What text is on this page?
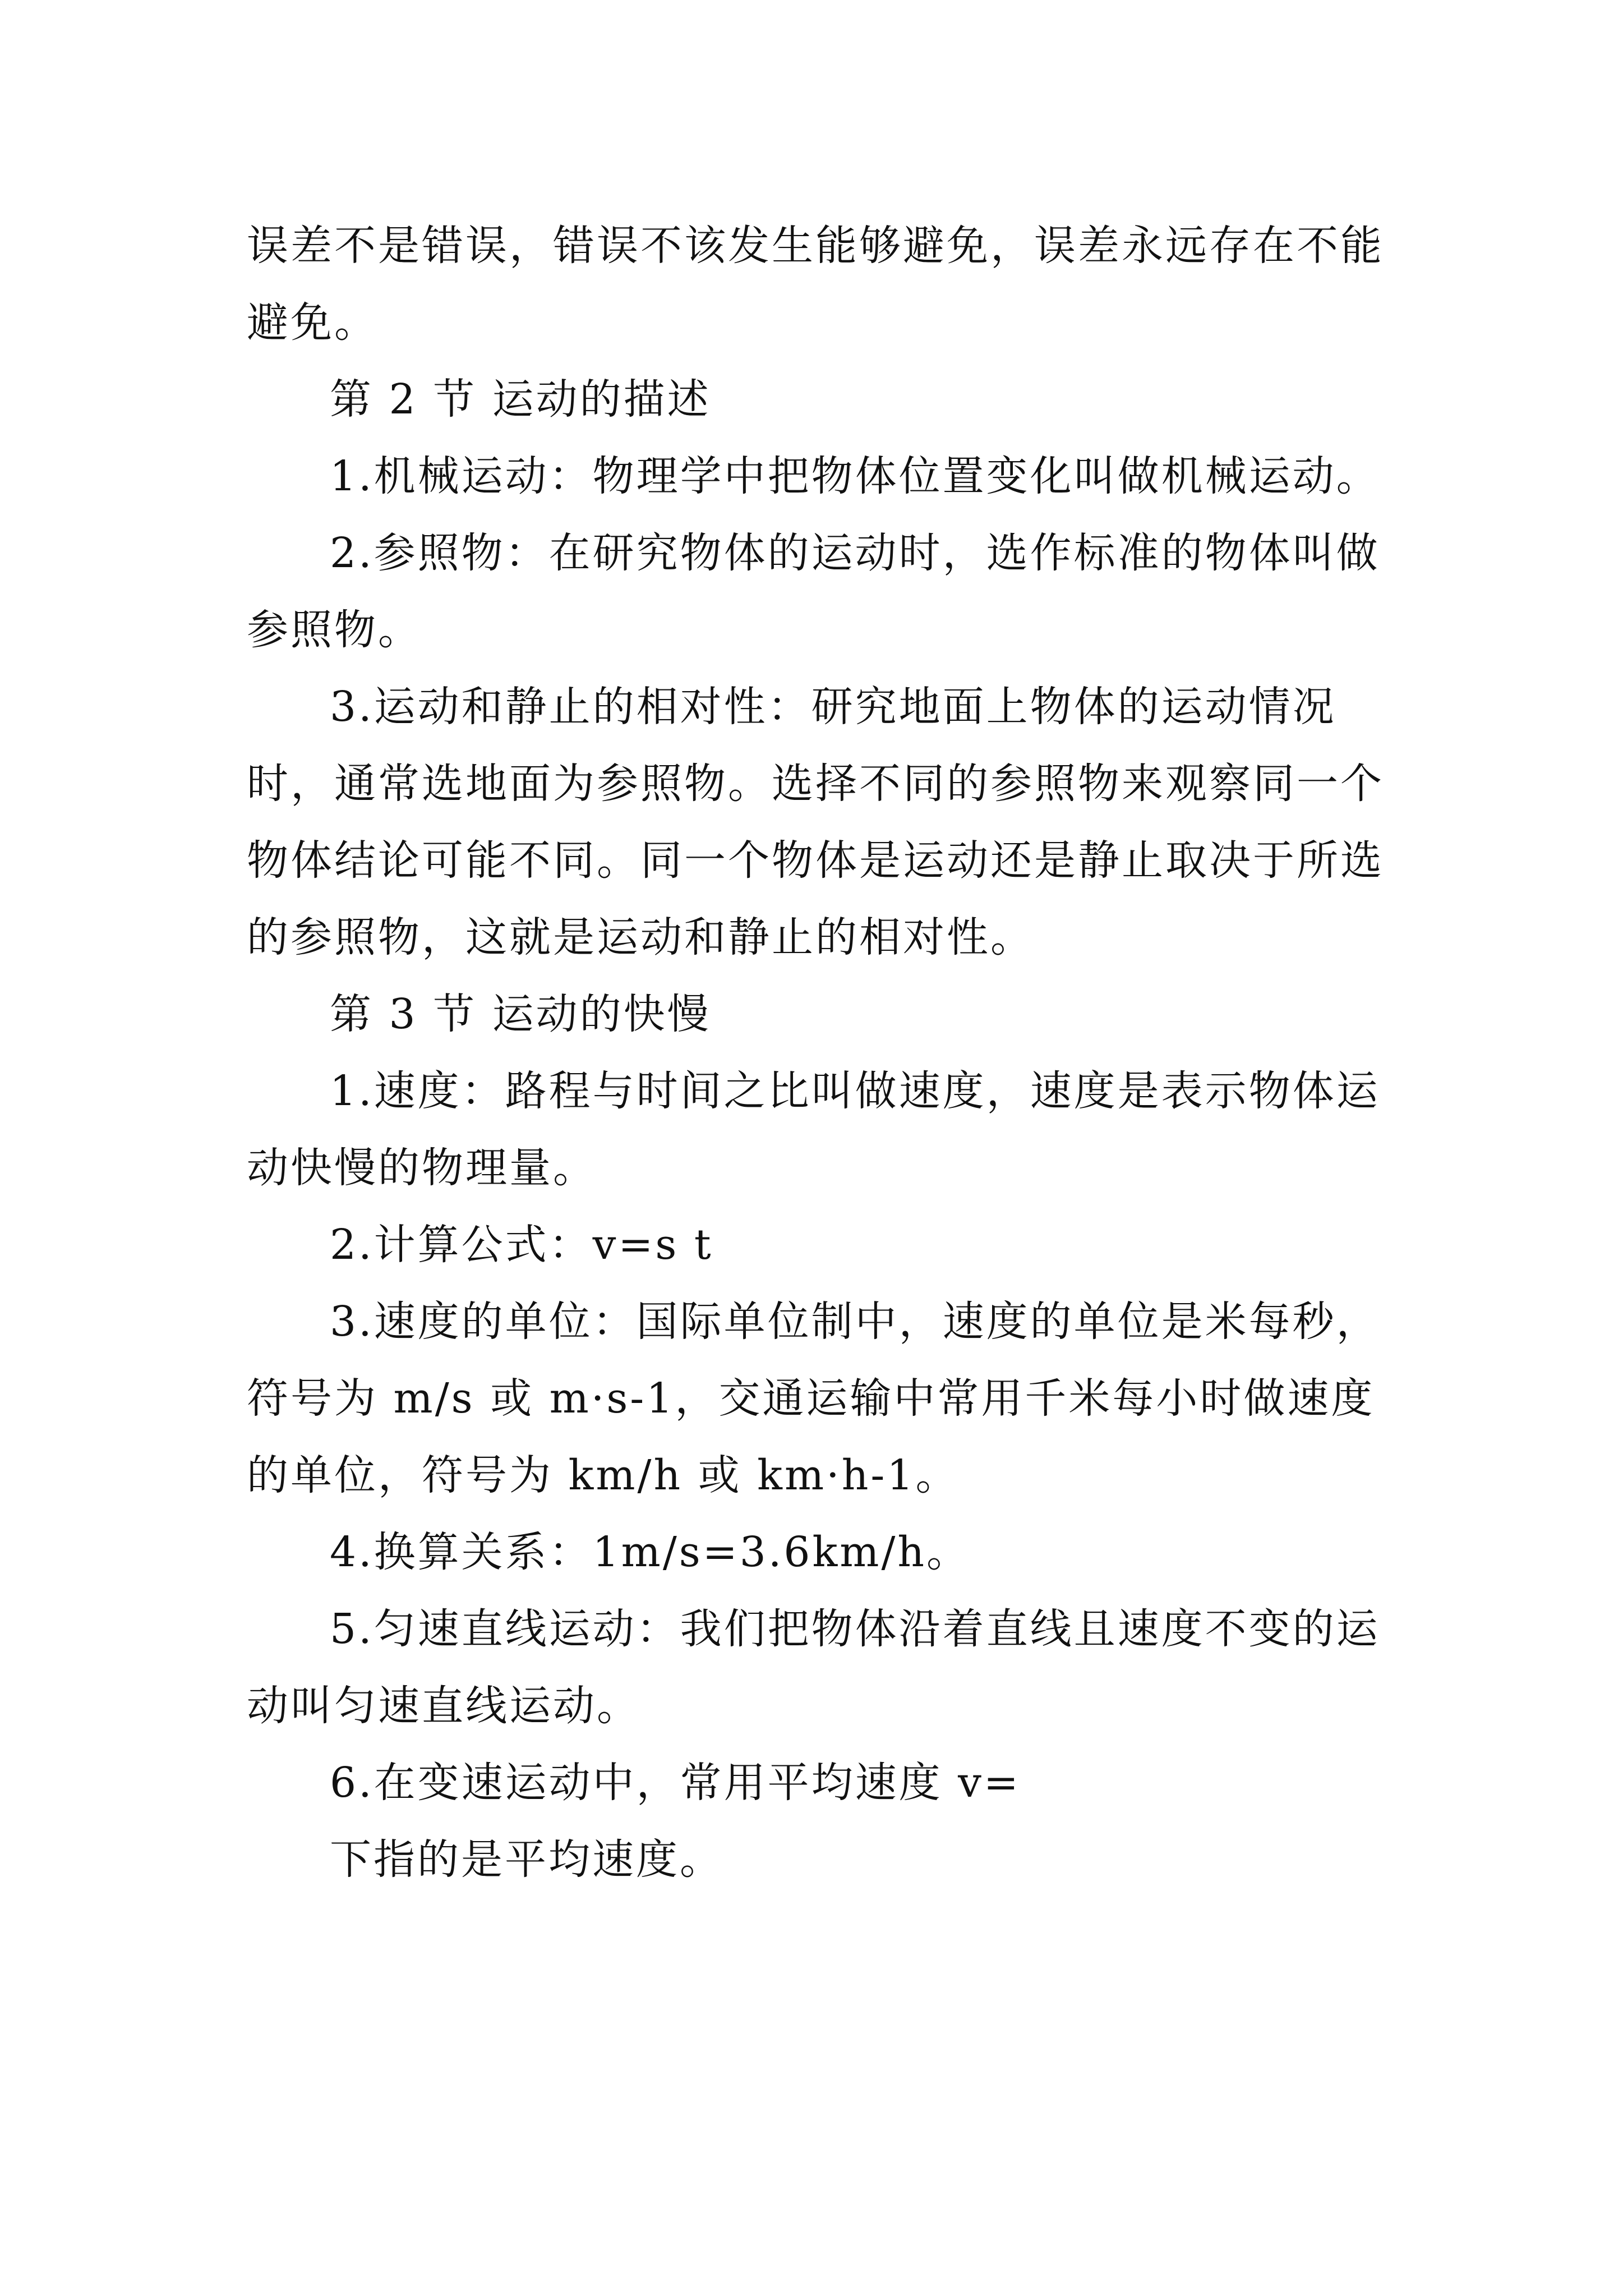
误差不是错误，错误不该发生能够避免，误差永远存在不能避免。

第 2 节 运动的描述

1.机械运动：物理学中把物体位置变化叫做机械运动。

2.参照物：在研究物体的运动时，选作标准的物体叫做参照物。

3.运动和静止的相对性：研究地面上物体的运动情况时，通常选地面为参照物。选择不同的参照物来观察同一个物体结论可能不同。同一个物体是运动还是静止取决于所选的参照物，这就是运动和静止的相对性。

第 3 节 运动的快慢

1.速度：路程与时间之比叫做速度，速度是表示物体运动快慢的物理量。

2.计算公式：v=s t

3.速度的单位：国际单位制中，速度的单位是米每秒，符号为 m/s 或 m·s-1，交通运输中常用千米每小时做速度的单位，符号为 km/h 或 km·h-1。

4.换算关系：1m/s=3.6km/h。

5.匀速直线运动：我们把物体沿着直线且速度不变的运动叫匀速直线运动。

6.在变速运动中，常用平均速度 v=

下指的是平均速度。
